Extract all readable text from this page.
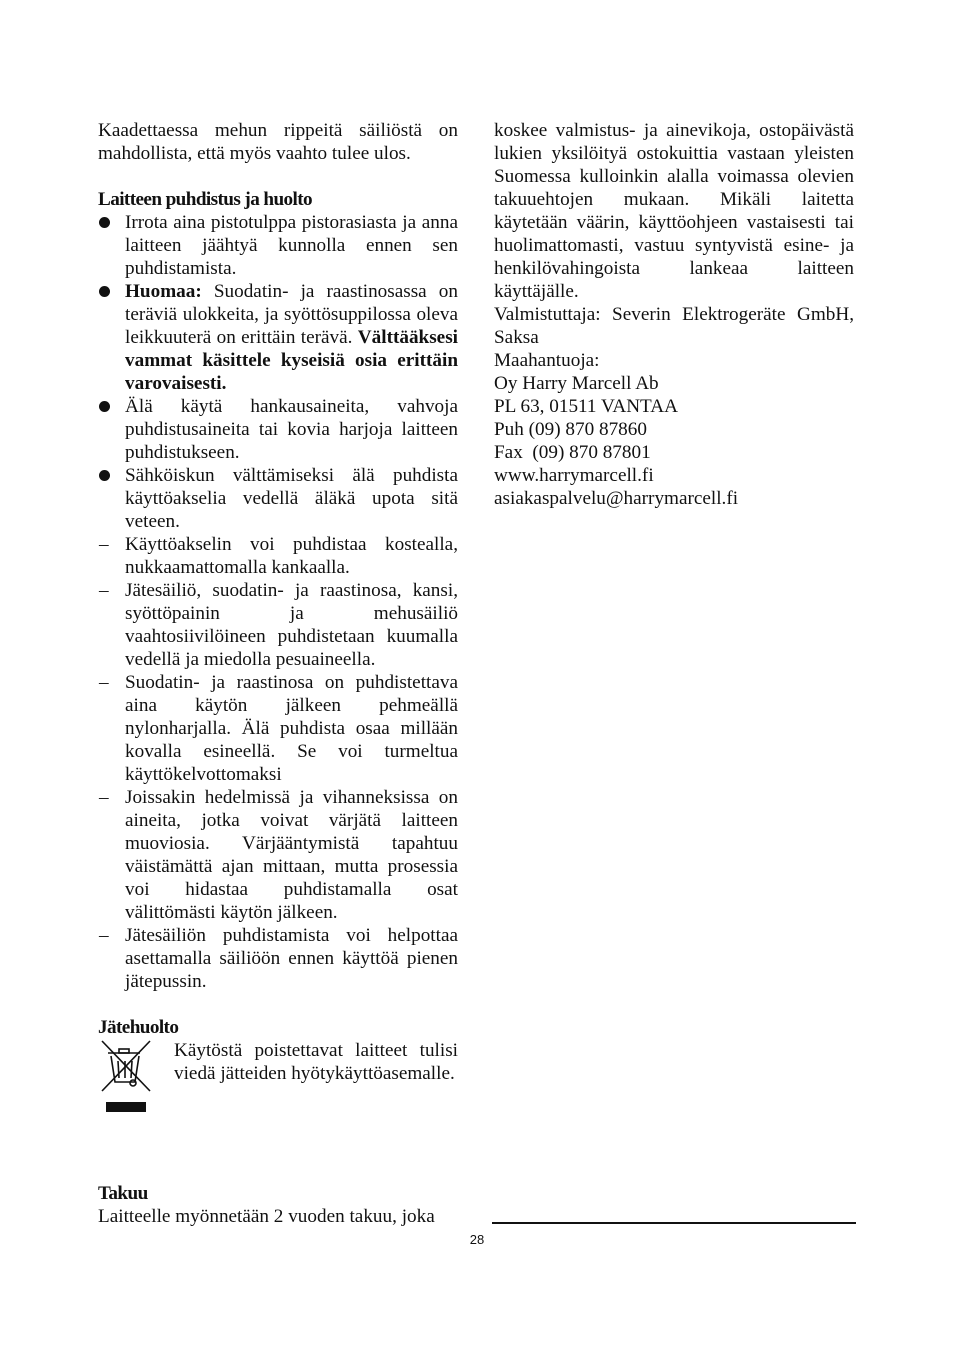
Kaadettaessa mehun rippeitä säiliöstä on mahdollista, että myös vaahto tulee ulos.

Laitteen puhdistus ja huolto

Irrota aina pistotulppa pistorasiasta ja anna laitteen jäähtyä kunnolla ennen sen puhdistamista.
Huomaa: Suodatin- ja raastinosassa on teräviä ulokkeita, ja syöttösuppilossa oleva leikkuuterä on erittäin terävä. Välttääksesi vammat käsittele kyseisiä osia erittäin varovaisesti.
Älä käytä hankausaineita, vahvoja puhdistusaineita tai kovia harjoja laitteen puhdistukseen.
Sähköiskun välttämiseksi älä puhdista käyttöakselia vedellä äläkä upota sitä veteen.
– Käyttöakselin voi puhdistaa kostealla, nukkaamattomalla kankaalla.
– Jätesäiliö, suodatin- ja raastinosa, kansi, syöttöpainin ja mehusäiliö vaahtosiivilöineen puhdistetaan kuumalla vedellä ja miedolla pesuaineella.
– Suodatin- ja raastinosa on puhdistettava aina käytön jälkeen pehmeällä nylonharjalla. Älä puhdista osaa millään kovalla esineellä. Se voi turmeltua käyttökelvottomaksi
– Joissakin hedelmissä ja vihanneksissa on aineita, jotka voivat värjätä laitteen muoviosia. Värjääntymistä tapahtuu väistämättä ajan mittaan, mutta prosessia voi hidastaa puhdistamalla osat välittömästi käytön jälkeen.
– Jätesäiliön puhdistamista voi helpottaa asettamalla säiliöön ennen käyttöä pienen jätepussin.

Jätehuolto

Käytöstä poistettavat laitteet tulisi viedä jätteiden hyötykäyttöasemalle.

Takuu

Laitteelle myönnetään 2 vuoden takuu, joka

koskee valmistus- ja ainevikoja, ostopäivästä lukien yksilöityä ostokuittia vastaan yleisten Suomessa kulloinkin alalla voimassa olevien takuuehtojen mukaan. Mikäli laitetta käytetään väärin, käyttöohjeen vastaisesti tai huolimattomasti, vastuu syntyvistä esine- ja henkilövahingoista lankeaa laitteen käyttäjälle.

Valmistuttaja: Severin Elektrogeräte GmbH, Saksa

Maahantuoja:

Oy Harry Marcell Ab

PL 63, 01511 VANTAA

Puh (09) 870 87860

Fax  (09) 870 87801

www.harrymarcell.fi

asiakaspalvelu@harrymarcell.fi

28
